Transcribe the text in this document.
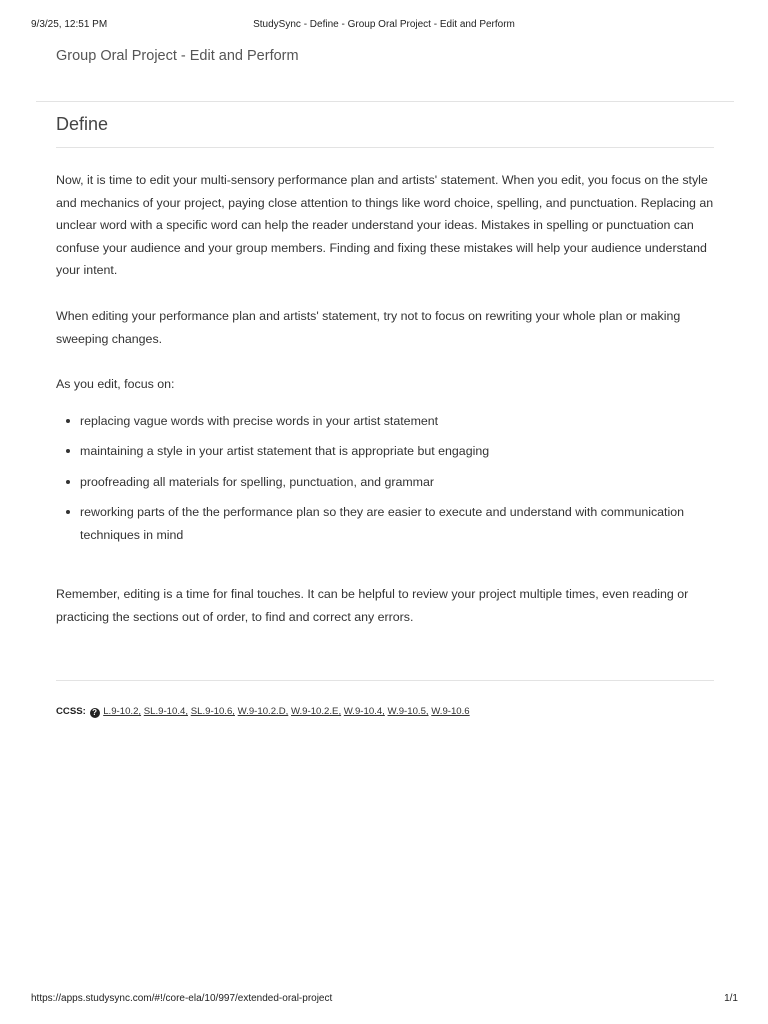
9/3/25, 12:51 PM	StudySync - Define - Group Oral Project - Edit and Perform
Group Oral Project - Edit and Perform
Define

Now, it is time to edit your multi-sensory performance plan and artists' statement. When you edit, you focus on the style and mechanics of your project, paying close attention to things like word choice, spelling, and punctuation. Replacing an unclear word with a specific word can help the reader understand your ideas. Mistakes in spelling or punctuation can confuse your audience and your group members. Finding and fixing these mistakes will help your audience understand your intent.

When editing your performance plan and artists' statement, try not to focus on rewriting your whole plan or making sweeping changes.

As you edit, focus on:

replacing vague words with precise words in your artist statement
maintaining a style in your artist statement that is appropriate but engaging
proofreading all materials for spelling, punctuation, and grammar
reworking parts of the the performance plan so they are easier to execute and understand with communication techniques in mind

Remember, editing is a time for final touches. It can be helpful to review your project multiple times, even reading or practicing the sections out of order, to find and correct any errors.

CCSS: ? L.9-10.2, SL.9-10.4, SL.9-10.6, W.9-10.2.D, W.9-10.2.E, W.9-10.4, W.9-10.5, W.9-10.6
https://apps.studysync.com/#!/core-ela/10/997/extended-oral-project	1/1
